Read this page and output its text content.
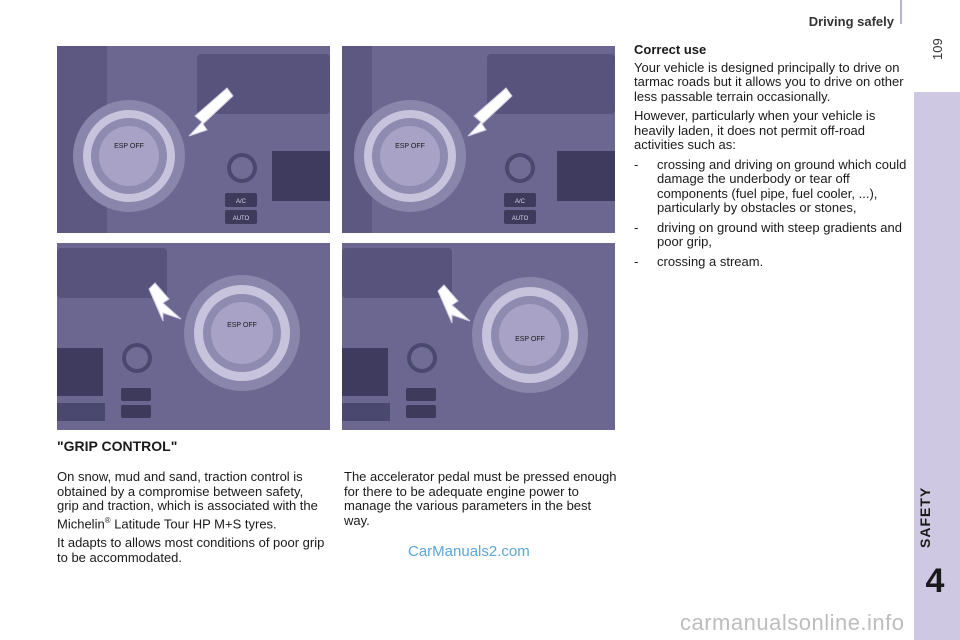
Driving safely
109
SAFETY
4
ESP OFF
A/C
AUTO
ESP OFF
A/C
AUTO
ESP OFF
ESP OFF
Correct use

Your vehicle is designed principally to drive on tarmac roads but it allows you to drive on other less passable terrain occasionally.

However, particularly when your vehicle is heavily laden, it does not permit off-road activities such as:

- crossing and driving on ground which could damage the underbody or tear off components (fuel pipe, fuel cooler, ...), particularly by obstacles or stones,
- driving on ground with steep gradients and poor grip,
- crossing a stream.
"GRIP CONTROL"

On snow, mud and sand, traction control is obtained by a compromise between safety, grip and traction, which is associated with the Michelin® Latitude Tour HP M+S tyres.

It adapts to allows most conditions of poor grip to be accommodated.

The accelerator pedal must be pressed enough for there to be adequate engine power to manage the various parameters in the best way.

CarManuals2.com
carmanualsonline.info
